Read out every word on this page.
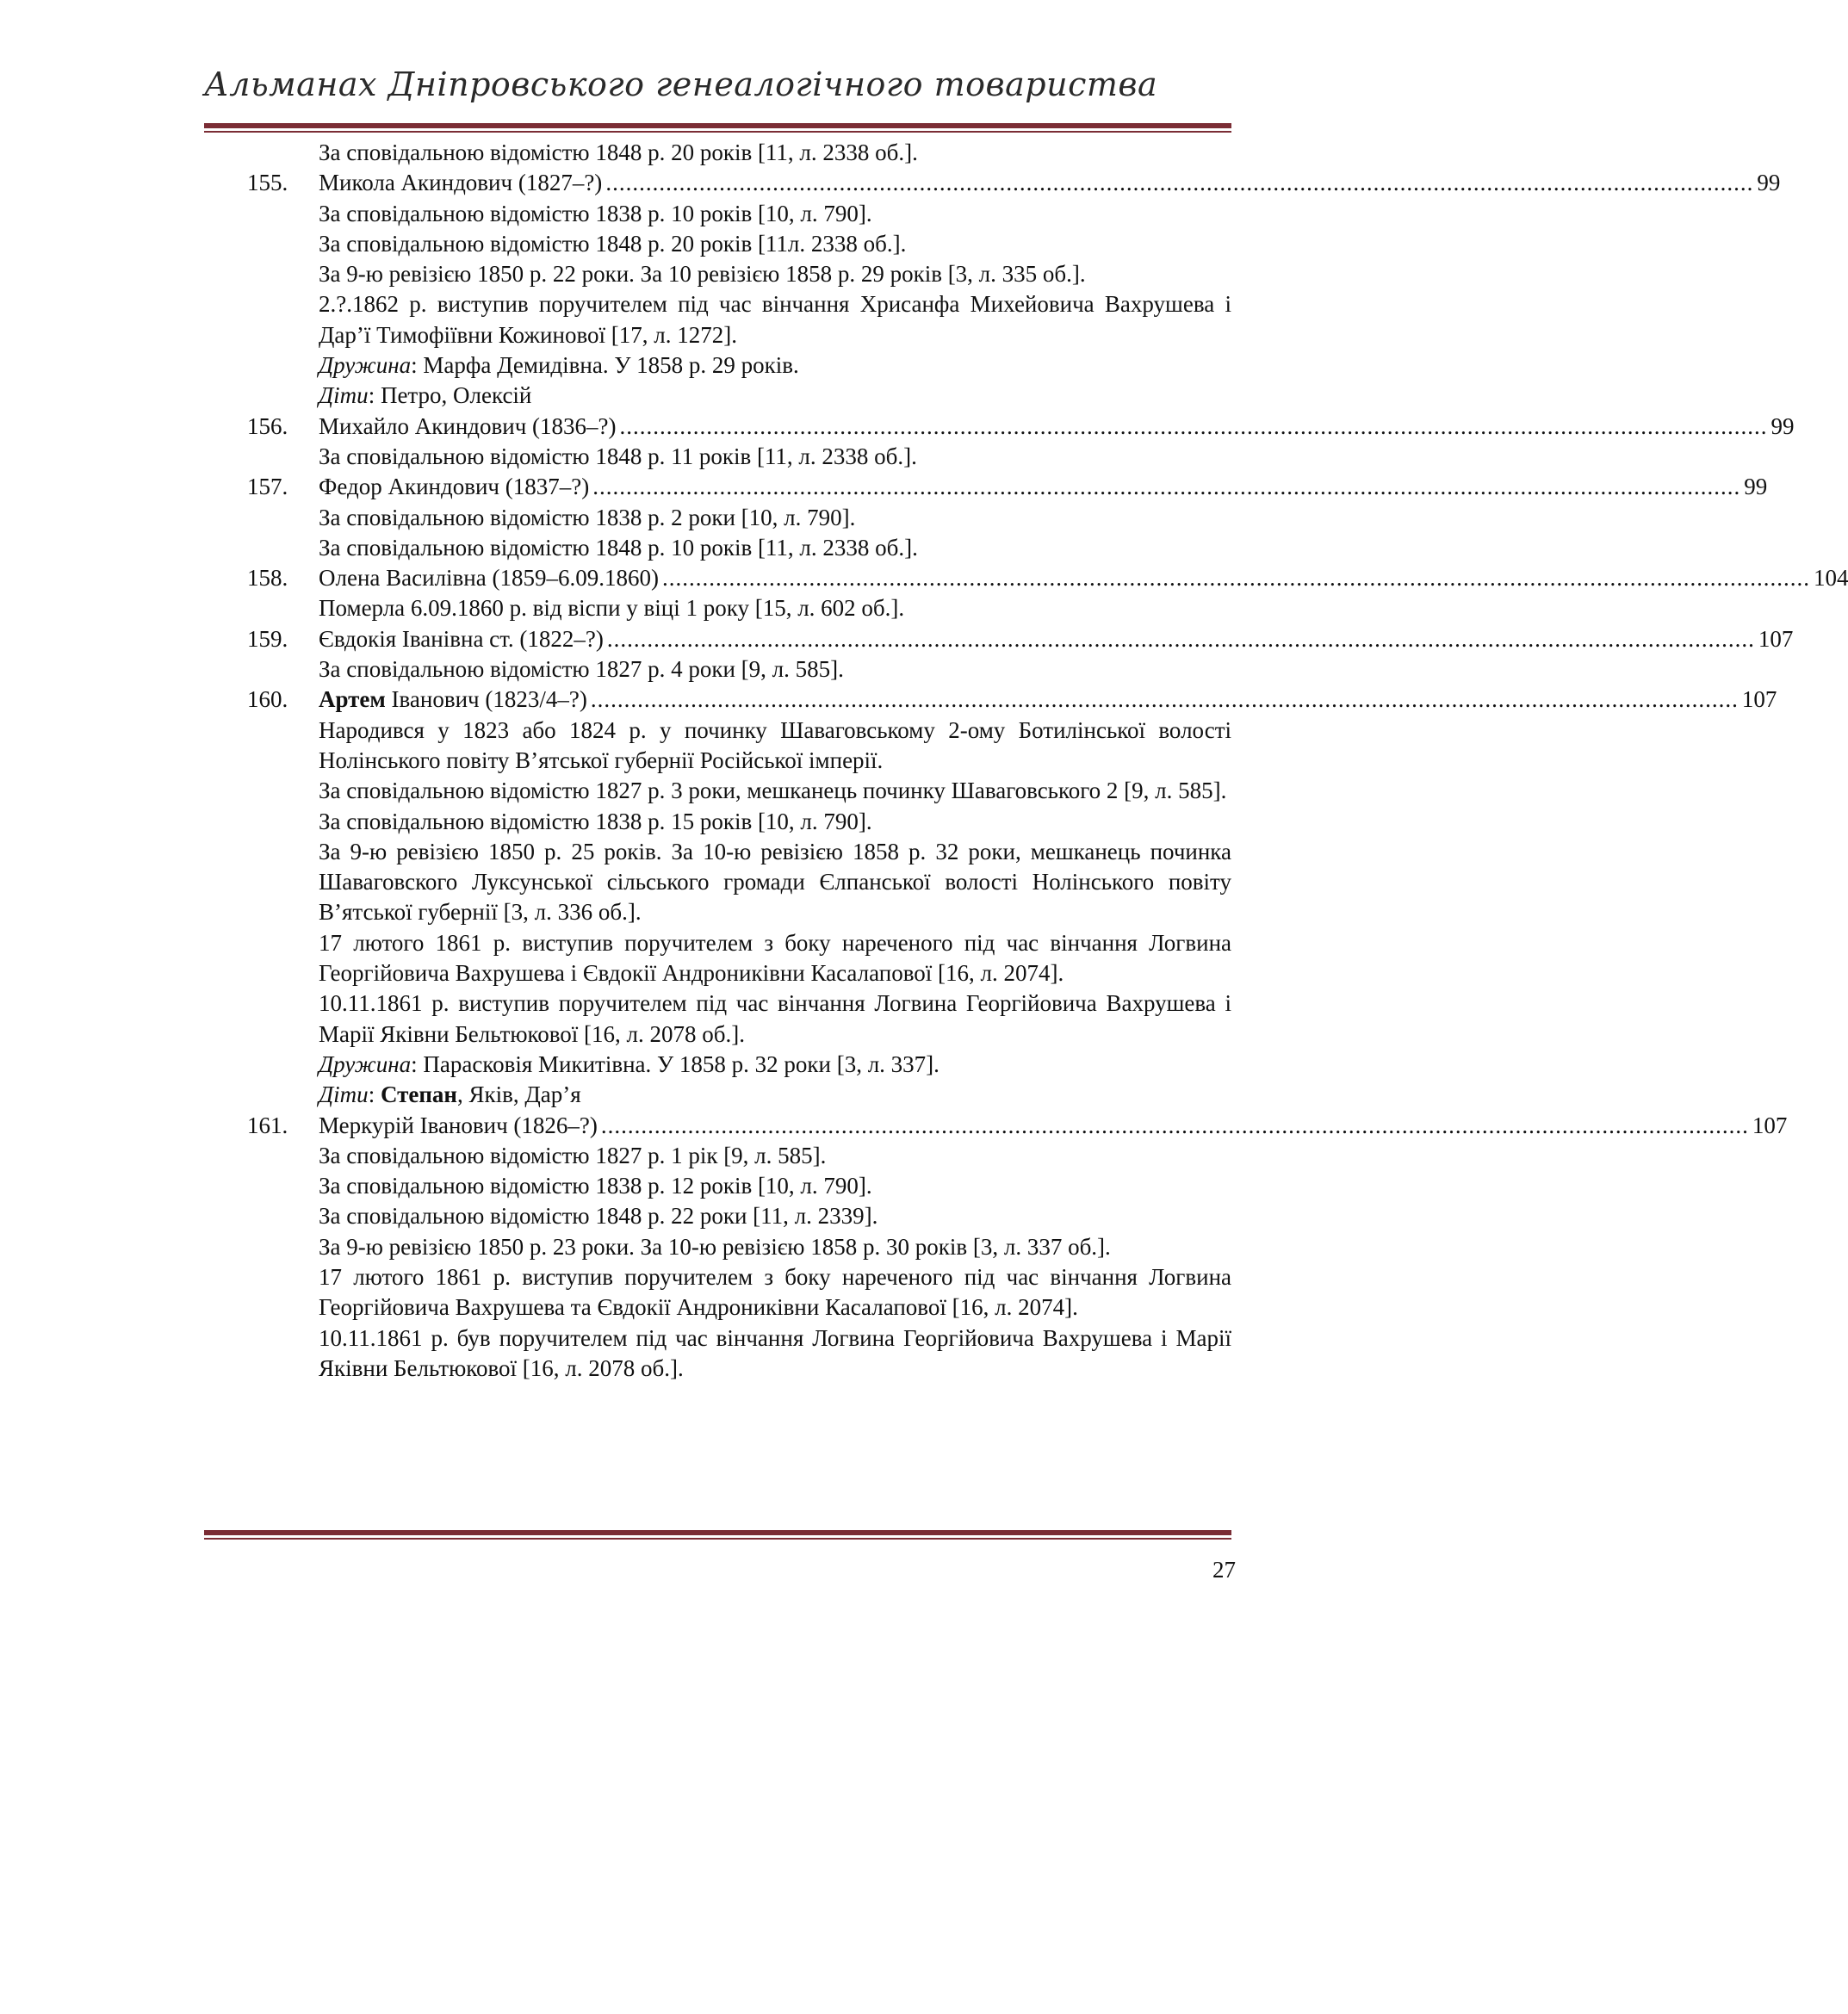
Альманах Дніпровського генеалогічного товариства
За сповідальною відомістю 1848 р. 20 років [11, л. 2338 об.].
155. Микола Акиндович (1827–?) ............................................................................................................................................................................ 99
За сповідальною відомістю 1838 р. 10 років [10, л. 790].
За сповідальною відомістю 1848 р. 20 років [11л. 2338 об.].
За 9-ю ревізією 1850 р. 22 роки. За 10 ревізією 1858 р. 29 років [3, л. 335 об.].
2.?.1862 р. виступив поручителем під час вінчання Хрисанфа Михейовича Вахрушева і Дар’ї Тимофіївни Кожинової [17, л. 1272].
Дружина: Марфа Демидівна. У 1858 р. 29 років.
Діти: Петро, Олексій
156. Михайло Акиндович (1836–?) ............................................................................................................................................................................ 99
За сповідальною відомістю 1848 р. 11 років [11, л. 2338 об.].
157. Федор Акиндович (1837–?) ............................................................................................................................................................................ 99
За сповідальною відомістю 1838 р. 2 роки [10, л. 790].
За сповідальною відомістю 1848 р. 10 років [11, л. 2338 об.].
158. Олена Василівна (1859–6.09.1860) ............................................................................................................................................................................ 104
Померла 6.09.1860 р. від віспи у віці 1 року [15, л. 602 об.].
159. Євдокія Іванівна ст. (1822–?) ............................................................................................................................................................................ 107
За сповідальною відомістю 1827 р. 4 роки [9, л. 585].
160. Артем Іванович (1823/4–?) ............................................................................................................................................................................ 107
Народився у 1823 або 1824 р. у починку Шаваговському 2-ому Ботилінської волості Нолінського повіту В’ятської губернії Російської імперії.
За сповідальною відомістю 1827 р. 3 роки, мешканець починку Шаваговського 2 [9, л. 585].
За сповідальною відомістю 1838 р. 15 років [10, л. 790].
За 9-ю ревізією 1850 р. 25 років. За 10-ю ревізією 1858 р. 32 роки, мешканець починка Шаваговского Луксунської сільського громади Єлпанської волості Нолінського повіту В’ятської губернії [3, л. 336 об.].
17 лютого 1861 р. виступив поручителем з боку нареченого під час вінчання Логвина Георгійовича Вахрушева і Євдокії Андрониківни Касалапової [16, л. 2074].
10.11.1861 р. виступив поручителем під час вінчання Логвина Георгійовича Вахрушева і Марії Яківни Бельтюкової [16, л. 2078 об.].
Дружина: Парасковія Микитівна. У 1858 р. 32 роки [3, л. 337].
Діти: Степан, Яків, Дар’я
161. Меркурій Іванович (1826–?) ............................................................................................................................................................................ 107
За сповідальною відомістю 1827 р. 1 рік [9, л. 585].
За сповідальною відомістю 1838 р. 12 років [10, л. 790].
За сповідальною відомістю 1848 р. 22 роки [11, л. 2339].
За 9-ю ревізією 1850 р. 23 роки. За 10-ю ревізією 1858 р. 30 років [3, л. 337 об.].
17 лютого 1861 р. виступив поручителем з боку нареченого під час вінчання Логвина Георгійовича Вахрушева та Євдокії Андрониківни Касалапової [16, л. 2074].
10.11.1861 р. був поручителем під час вінчання Логвина Георгійовича Вахрушева і Марії Яківни Бельтюкової [16, л. 2078 об.].
27
